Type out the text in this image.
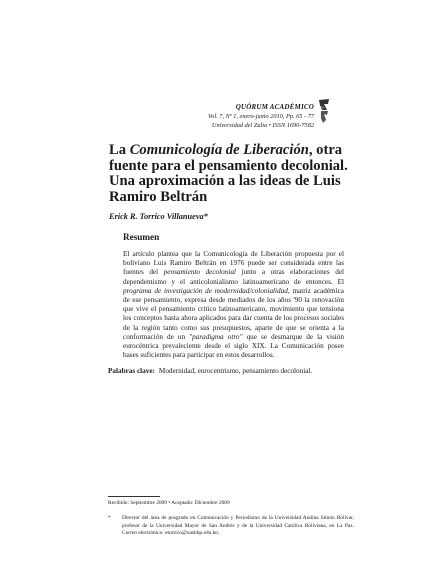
QUÓRUM ACADÉMICO
Vol. 7, Nº 1, enero-junio 2010, Pp. 65 - 77
Universidad del Zulia • ISSN 1690-7582
La Comunicología de Liberación, otra fuente para el pensamiento decolonial. Una aproximación a las ideas de Luis Ramiro Beltrán
Erick R. Torrico Villanueva*
Resumen

El artículo plantea que la Comunicología de Liberación propuesta por el boliviano Luis Ramiro Beltrán en 1976 puede ser considerada entre las fuentes del pensamiento decolonial junto a otras elaboraciones del dependentismo y el anticolonialismo latinoamericano de entonces. El programa de investigación de modernidad/colonialidad, matriz académica de ese pensamiento, expresa desde mediados de los años '90 la renovación que vive el pensamiento crítico latinoamericano, movimiento que tensiona los conceptos hasta ahora aplicados para dar cuenta de los procesos sociales de la región tanto como sus presupuestos, aparte de que se orienta a la conformación de un "paradigma otro" que se desmarque de la visión eurocéntrica prevaleciente desde el siglo XIX. La Comunicación posee bases suficientes para participar en estos desarrollos.

Palabras clave: Modernidad, eurocentrismo, pensamiento decolonial.
Recibido: Septiembre 2009 • Aceptado: Diciembre 2009
* Director del área de posgrado en Comunicación y Periodismo de la Universidad Andina Simón Bolívar, profesor de la Universidad Mayor de San Andrés y de la Universidad Católica Boliviana, en La Paz. Correo electrónico: etorrico@uasbhp.edu.bo.
